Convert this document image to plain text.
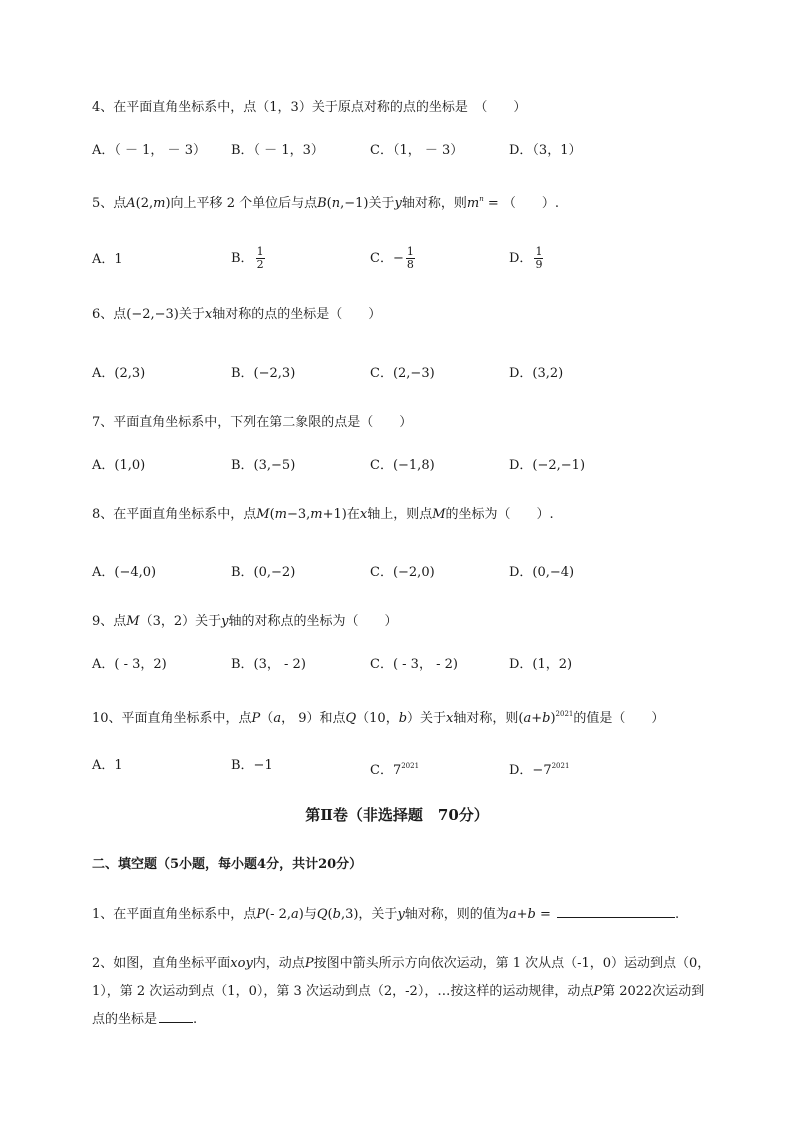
4、在平面直角坐标系中，点（1，3）关于原点对称的点的坐标是　（　　）
A．（ － 1， － 3） B．（ － 1，3）	C．（1， － 3）	D．（3，1）
5、点A(2,m)向上平移 2 个单位后与点B(n,−1)关于y轴对称，则$m^n$ = （　　）.
A．1	B． $\frac{1}{2}$	C．− $\frac{1}{8}$	D． $\frac{1}{9}$
6、点(−2,−3)关于x轴对称的点的坐标是（　　）
A．(2,3)	B．(−2,3)	C．(2,−3)	D．(3,2)
7、平面直角坐标系中，下列在第二象限的点是（　　）
A．(1,0)	B．(3,−5)	C．(−1,8)	D．(−2,−1)
8、在平面直角坐标系中，点M(m−3,m+1)在x轴上，则点M的坐标为（　　）.
A．(−4,0)	B．(0,−2)	C．(−2,0)	D．(0,−4)
9、点M（3，2）关于y轴的对称点的坐标为（　　）
A．( - 3，2)	B．(3， - 2)	C．( - 3， - 2)	D．(1，2)
10、平面直角坐标系中，点P（a， 9）和点Q（10，b）关于x轴对称，则$(a+b)^{2021}$的值是（　　）
A．1	B．−1	C．$7^{2021}$	D．$-7^{2021}$
第Ⅱ卷（非选择题　70分）
二、填空题（5小题，每小题4分，共计20分）
1、在平面直角坐标系中，点P(- 2,a)与Q(b,3)，关于y轴对称，则的值为a+b =	.
2、如图，直角坐标平面xoy内，动点P按图中箭头所示方向依次运动，第 1 次从点（-1，0）运动到点（0，1），第 2 次运动到点（1，0），第 3 次运动到点（2，-2），…按这样的运动规律，动点P第 2022次运动到点的坐标是	.
